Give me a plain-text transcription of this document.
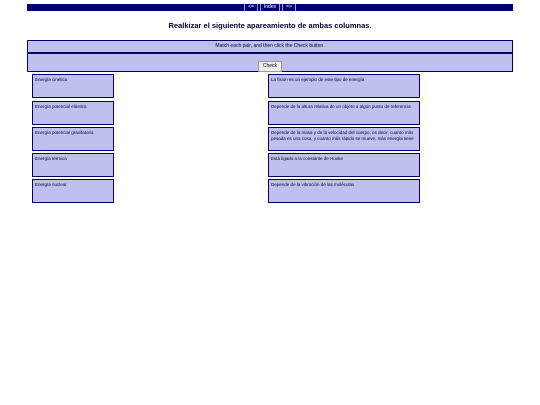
<= Index =>
Realkizar el siguiente apareamiento de ambas columnas.
Match each pair, and then click the Check button.
Check
Energía cinética
Energía potencial elástica
Energía potencial gravitatoria
Energía térmica
Energía nuclear
La fisión es un ejemplo de este tipo de energía
Depende de la altura relativa de un objeto a algún punto de referencia
Depende de la masa y de la velocidad del cuerpo, es decir, cuanto más pesada es una cosa, y cuanto más rápido se mueve, más energía tiene
Está ligado a la constante de Hooke
Depende de la vibración de las moléculas
